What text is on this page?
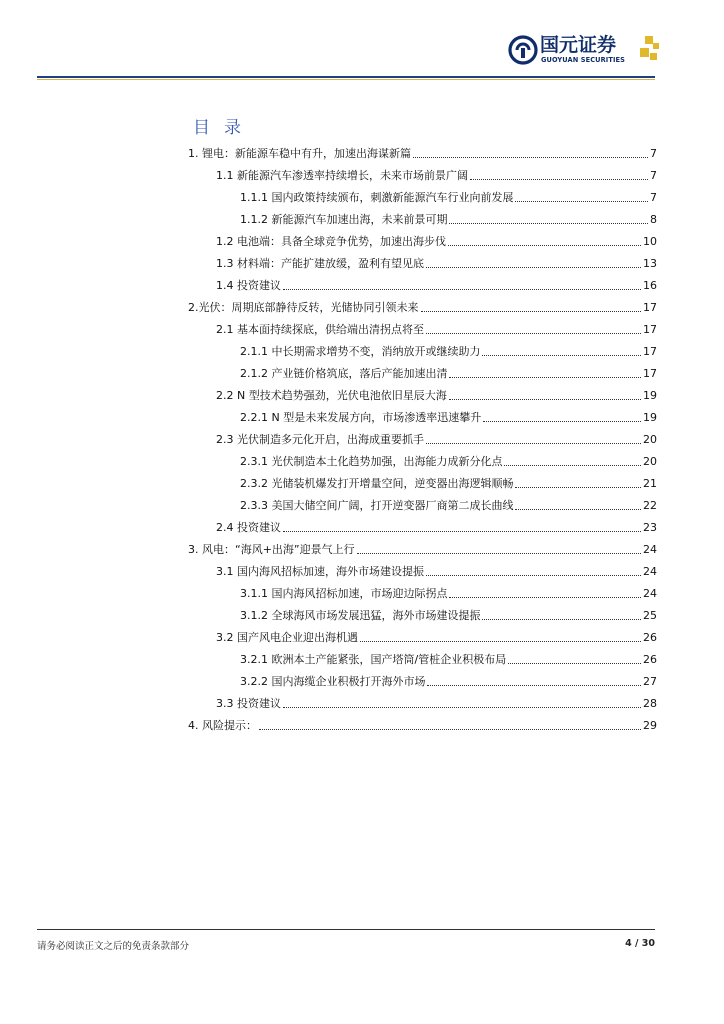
国元证券
GUOYUAN SECURITIES
目录
1. 锂电：新能源车稳中有升，加速出海谋新篇	7
1.1 新能源汽车渗透率持续增长，未来市场前景广阔	7
1.1.1 国内政策持续颁布，刺激新能源汽车行业向前发展	7
1.1.2 新能源汽车加速出海，未来前景可期	8
1.2 电池端：具备全球竞争优势，加速出海步伐	10
1.3 材料端：产能扩建放缓，盈利有望见底	13
1.4 投资建议	16
2.光伏：周期底部静待反转，光储协同引领未来	17
2.1 基本面持续探底，供给端出清拐点将至	17
2.1.1 中长期需求增势不变，消纳放开或继续助力	17
2.1.2 产业链价格筑底，落后产能加速出清	17
2.2 N 型技术趋势强劲，光伏电池依旧星辰大海	19
2.2.1 N 型是未来发展方向，市场渗透率迅速攀升	19
2.3 光伏制造多元化开启，出海成重要抓手	20
2.3.1 光伏制造本土化趋势加强，出海能力成新分化点	20
2.3.2 光储装机爆发打开增量空间，逆变器出海逻辑顺畅	21
2.3.3 美国大储空间广阔，打开逆变器厂商第二成长曲线	22
2.4 投资建议	23
3. 风电：“海风+出海”迎景气上行	24
3.1 国内海风招标加速，海外市场建设提振	24
3.1.1 国内海风招标加速，市场迎边际拐点	24
3.1.2 全球海风市场发展迅猛，海外市场建设提振	25
3.2 国产风电企业迎出海机遇	26
3.2.1 欧洲本土产能紧张，国产塔筒/管桩企业积极布局	26
3.2.2 国内海缆企业积极打开海外市场	27
3.3 投资建议	28
4. 风险提示：	29
请务必阅读正文之后的免责条款部分	4 / 30
